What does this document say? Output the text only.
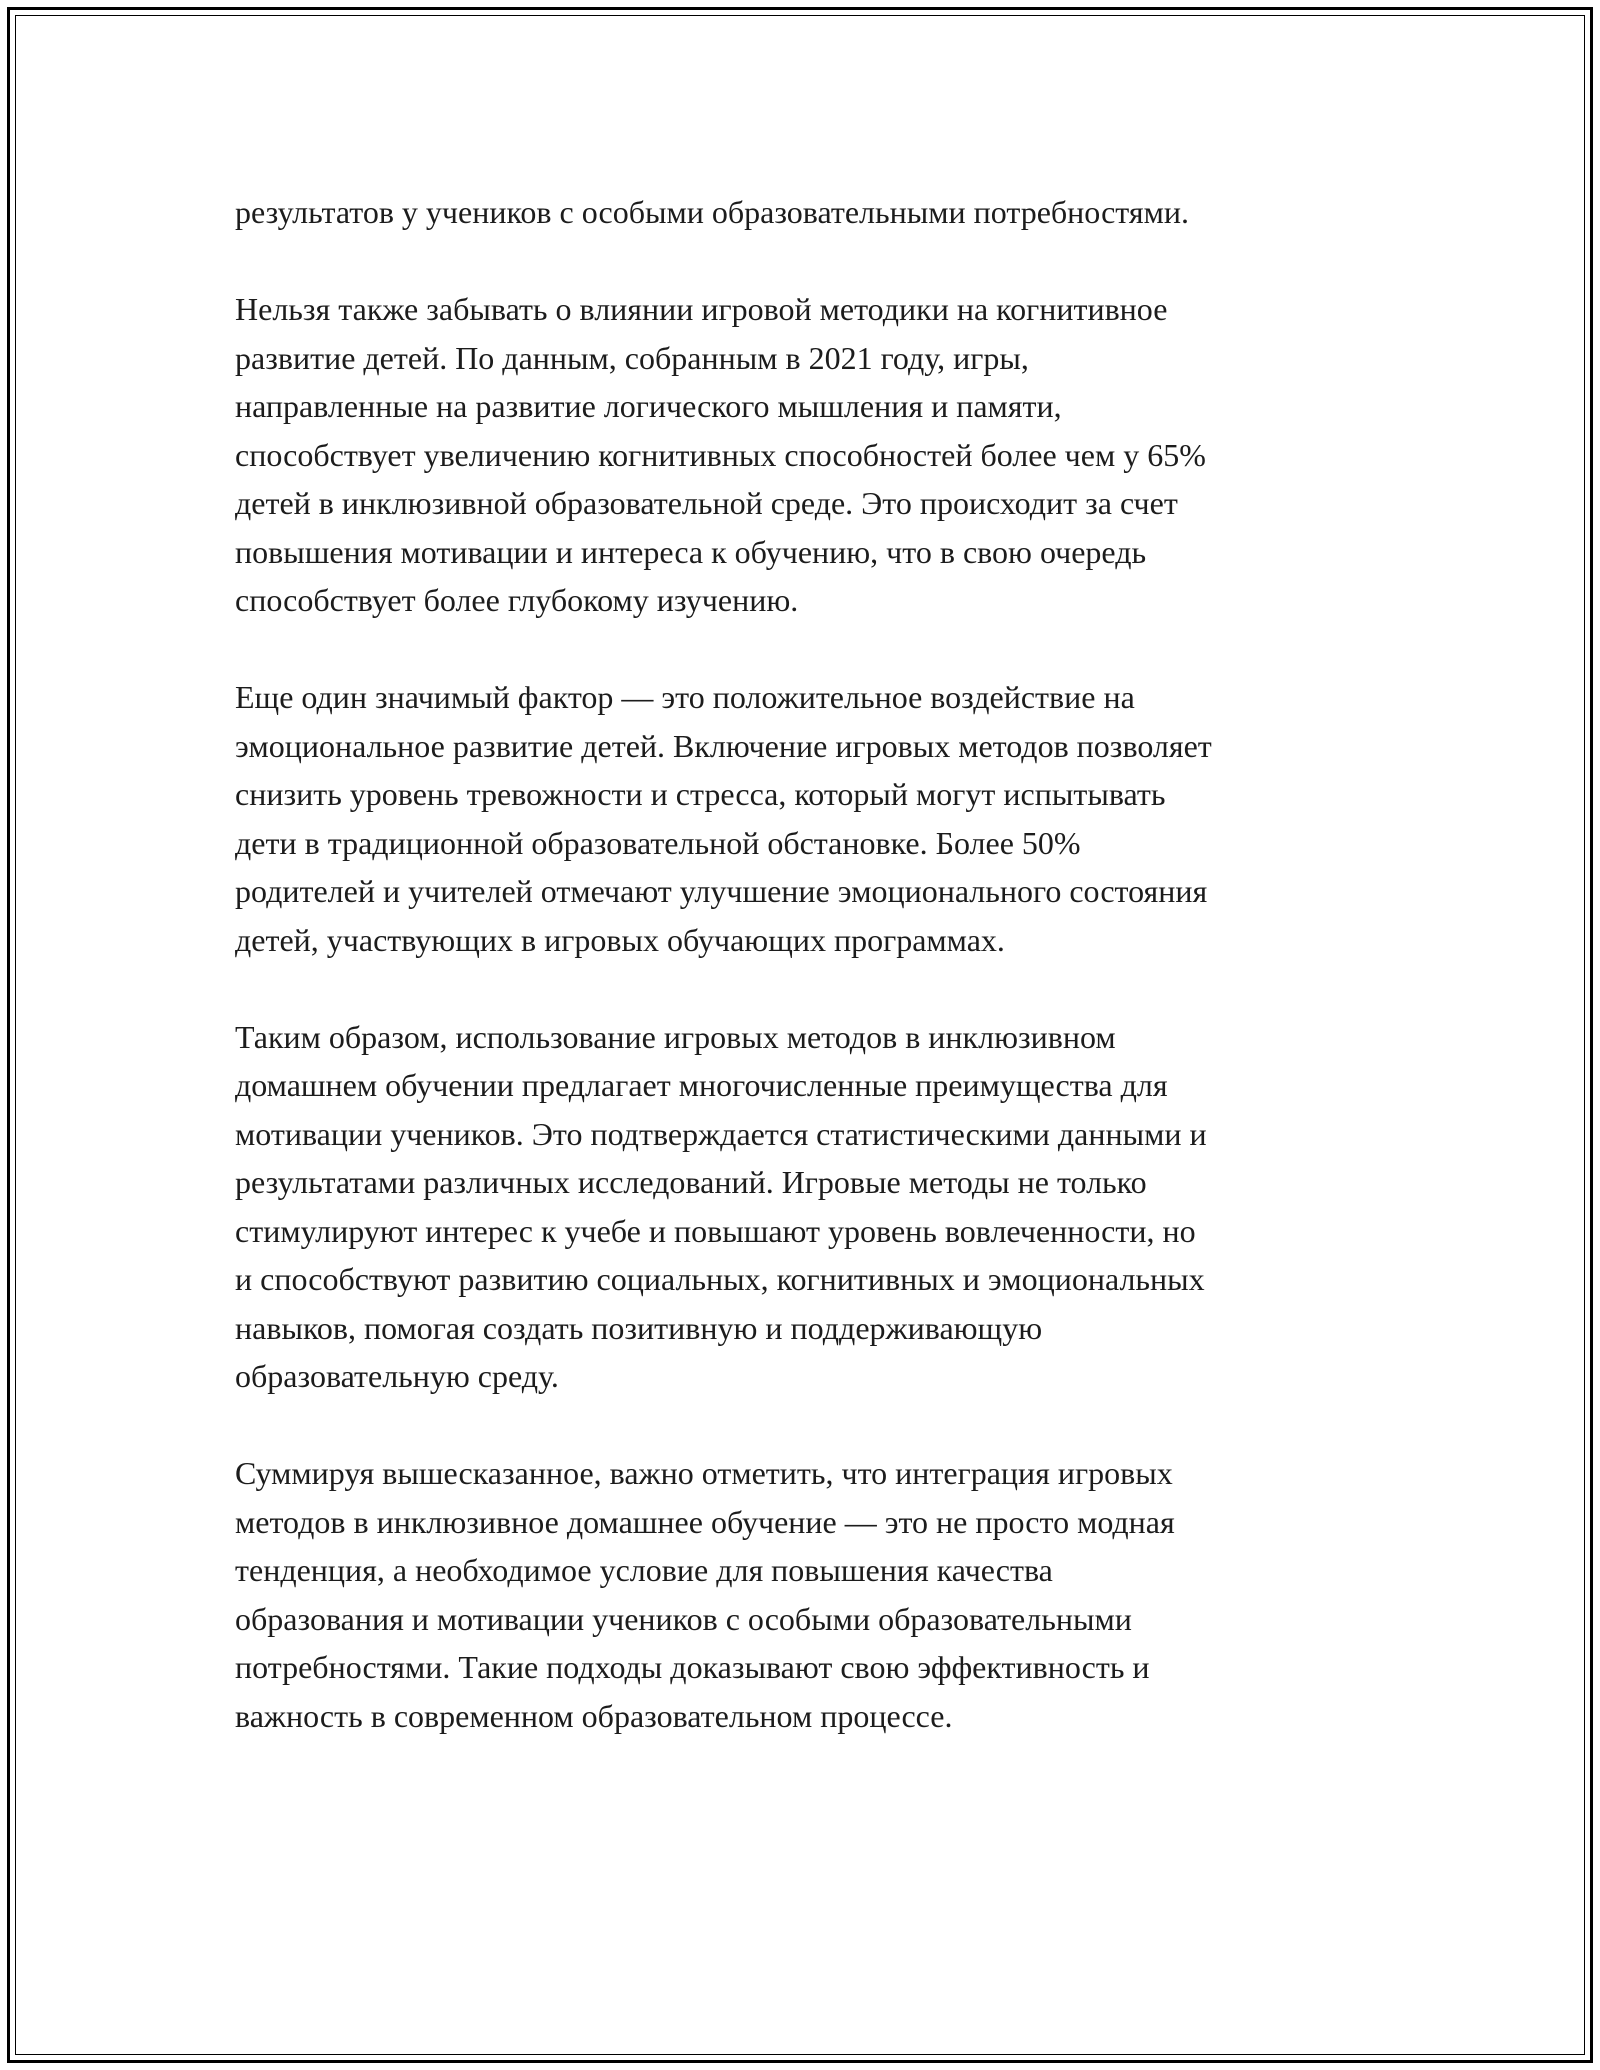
результатов у учеников с особыми образовательными потребностями.
Нельзя также забывать о влиянии игровой методики на когнитивное
развитие детей. По данным, собранным в 2021 году, игры,
направленные на развитие логического мышления и памяти,
способствует увеличению когнитивных способностей более чем у 65%
детей в инклюзивной образовательной среде. Это происходит за счет
повышения мотивации и интереса к обучению, что в свою очередь
способствует более глубокому изучению.
Еще один значимый фактор — это положительное воздействие на
эмоциональное развитие детей. Включение игровых методов позволяет
снизить уровень тревожности и стресса, который могут испытывать
дети в традиционной образовательной обстановке. Более 50%
родителей и учителей отмечают улучшение эмоционального состояния
детей, участвующих в игровых обучающих программах.
Таким образом, использование игровых методов в инклюзивном
домашнем обучении предлагает многочисленные преимущества для
мотивации учеников. Это подтверждается статистическими данными и
результатами различных исследований. Игровые методы не только
стимулируют интерес к учебе и повышают уровень вовлеченности, но
и способствуют развитию социальных, когнитивных и эмоциональных
навыков, помогая создать позитивную и поддерживающую
образовательную среду.
Суммируя вышесказанное, важно отметить, что интеграция игровых
методов в инклюзивное домашнее обучение — это не просто модная
тенденция, а необходимое условие для повышения качества
образования и мотивации учеников с особыми образовательными
потребностями. Такие подходы доказывают свою эффективность и
важность в современном образовательном процессе.
